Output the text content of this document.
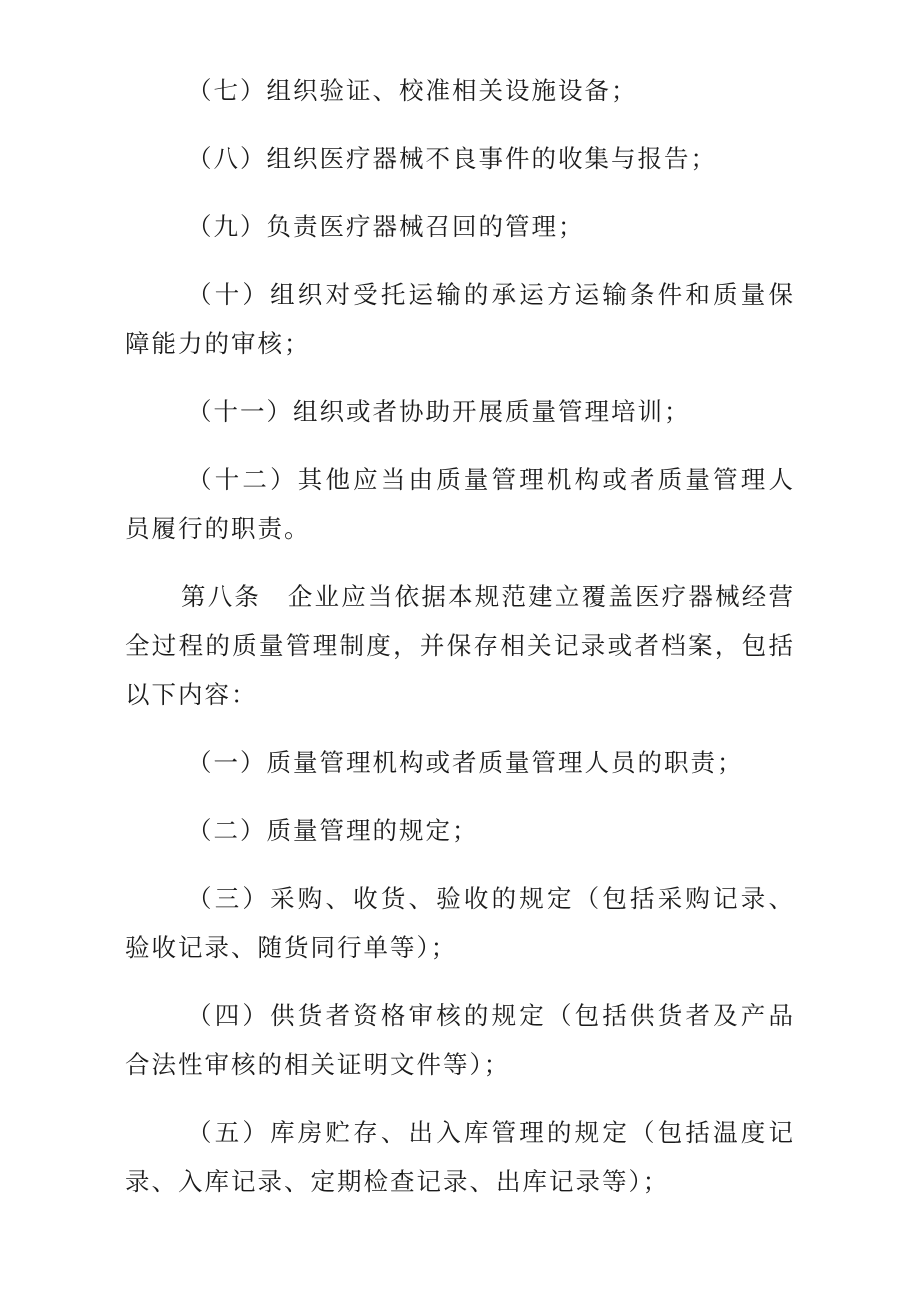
（七）组织验证、校准相关设施设备；

（八）组织医疗器械不良事件的收集与报告；

（九）负责医疗器械召回的管理；

（十）组织对受托运输的承运方运输条件和质量保障能力的审核；

（十一）组织或者协助开展质量管理培训；

（十二）其他应当由质量管理机构或者质量管理人员履行的职责。

第八条　企业应当依据本规范建立覆盖医疗器械经营全过程的质量管理制度，并保存相关记录或者档案，包括以下内容：

（一）质量管理机构或者质量管理人员的职责；

（二）质量管理的规定；

（三）采购、收货、验收的规定（包括采购记录、验收记录、随货同行单等）；

（四）供货者资格审核的规定（包括供货者及产品合法性审核的相关证明文件等）；

（五）库房贮存、出入库管理的规定（包括温度记录、入库记录、定期检查记录、出库记录等）；
